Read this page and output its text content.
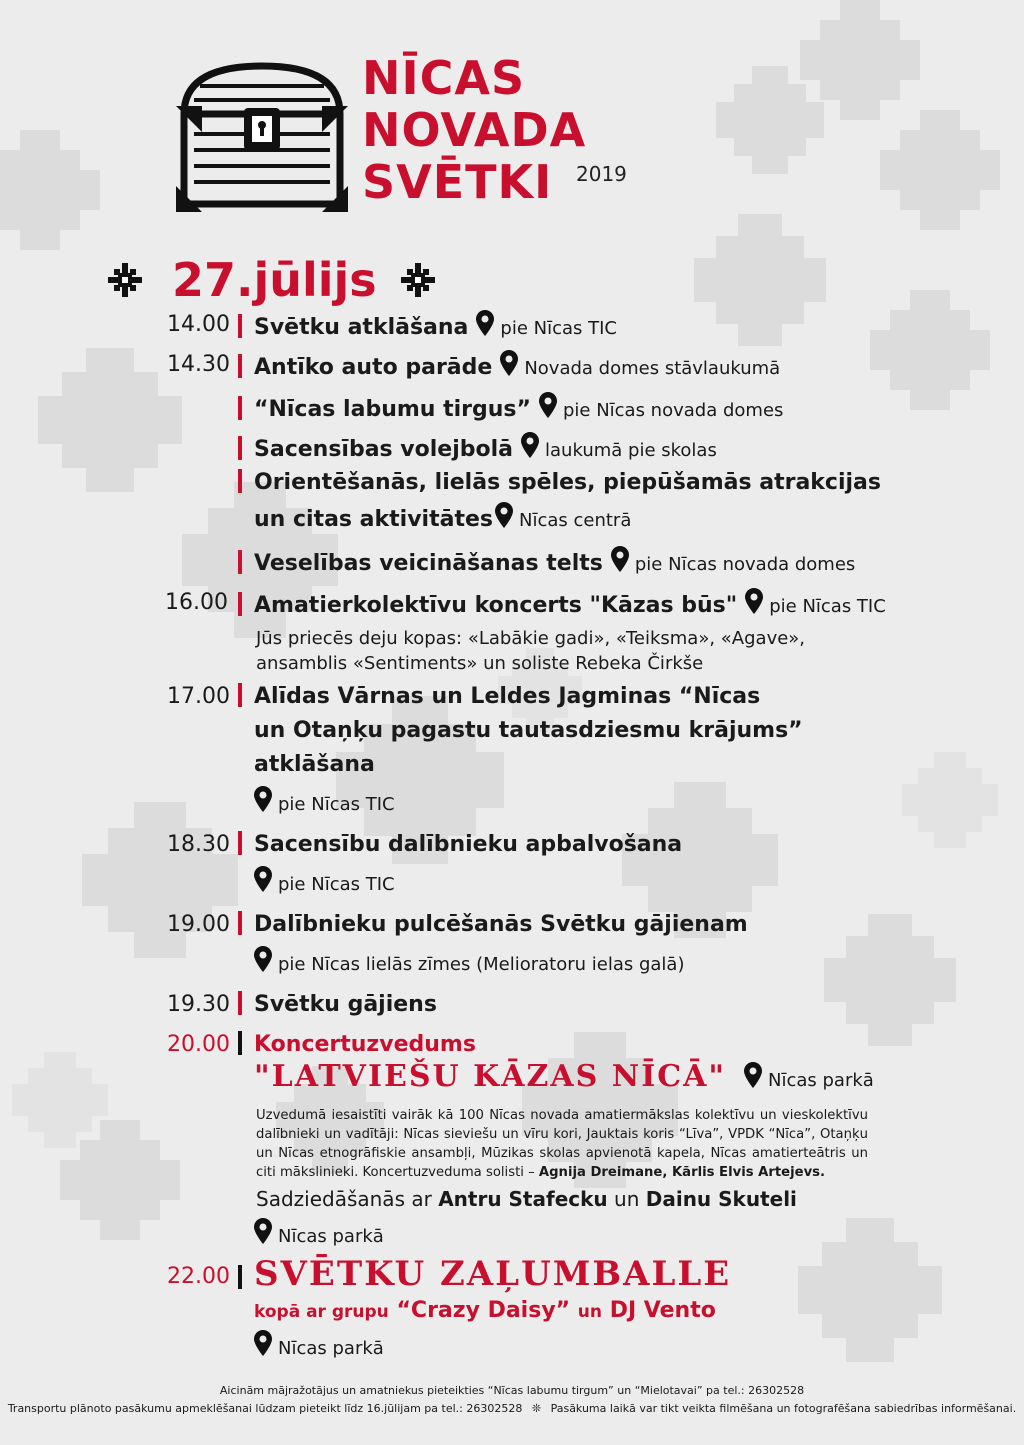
NĪCAS
NOVADA
SVĒTKI	2019
27.jūlijs
14.00	Svētku atklāšana pie Nīcas TIC
14.30	Antīko auto parāde Novada domes stāvlaukumā
“Nīcas labumu tirgus” pie Nīcas novada domes
Sacensības volejbolā laukumā pie skolas
Orientēšanās, lielās spēles, piepūšamās atrakcijas
un citas aktivitātes Nīcas centrā
Veselības veicināšanas telts pie Nīcas novada domes
16.00	Amatierkolektīvu koncerts "Kāzas būs" pie Nīcas TIC
Jūs priecēs deju kopas: «Labākie gadi», «Teiksma», «Agave»,
ansamblis «Sentiments» un soliste Rebeka Čirkše
17.00	Alīdas Vārnas un Leldes Jagminas “Nīcas
un Otaņķu pagastu tautasdziesmu krājums”
atklāšana
pie Nīcas TIC
18.30	Sacensību dalībnieku apbalvošana
pie Nīcas TIC
19.00	Dalībnieku pulcēšanās Svētku gājienam
pie Nīcas lielās zīmes (Melioratoru ielas galā)
19.30	Svētku gājiens
20.00	Koncertuzvedums
"LATVIEŠU KĀZAS NĪCĀ" Nīcas parkā
Uzvedumā iesaistīti vairāk kā 100 Nīcas novada amatiermākslas kolektīvu un vieskolektīvu dalībnieki un vadītāji: Nīcas sieviešu un vīru kori, Jauktais koris “Līva”, VPDK “Nīca”, Otaņķu un Nīcas etnogrāfiskie ansambļi, Mūzikas skolas apvienotā kapela, Nīcas amatierteātris un citi mākslinieki. Koncertuzveduma solisti – Agnija Dreimane, Kārlis Elvis Artejevs.
Sadziedāšanās ar Antru Stafecku un Dainu Skuteli
Nīcas parkā
22.00 SVĒTKU ZAĻUMBALLE
kopā ar grupu “Crazy Daisy” un DJ Vento
Nīcas parkā
Aicinām mājražotājus un amatniekus pieteikties “Nīcas labumu tirgum” un “Mielotavai” pa tel.: 26302528
Transportu plānoto pasākumu apmeklēšanai lūdzam pieteikt līdz 16.jūlijam pa tel.: 26302528 ❊ Pasākuma laikā var tikt veikta filmēšana un fotografēšana sabiedrības informēšanai.
